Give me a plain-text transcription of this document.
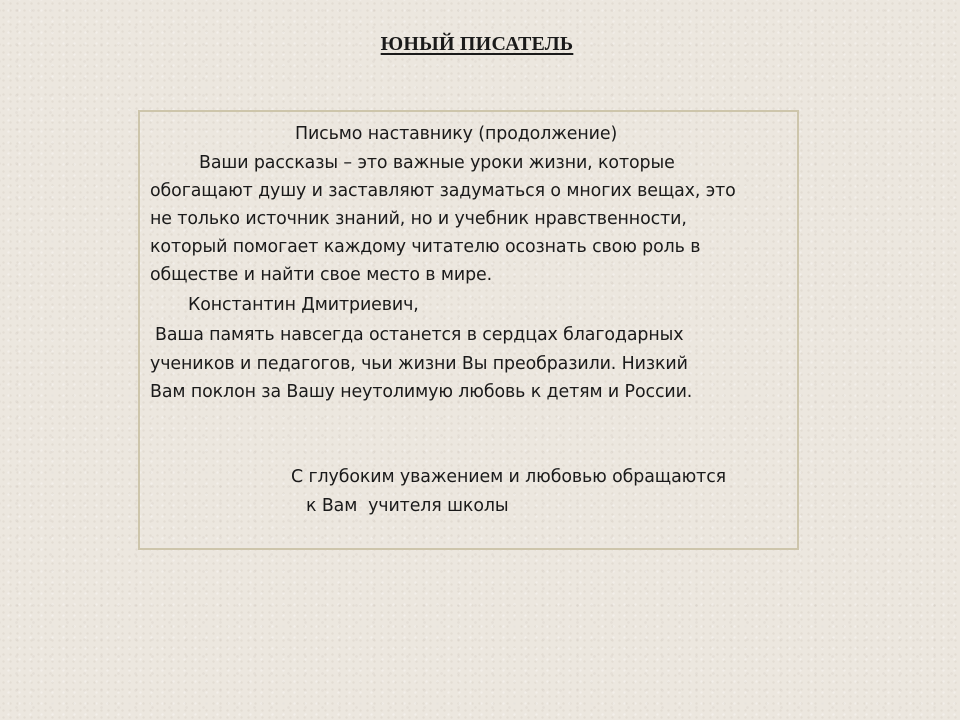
ЮНЫЙ ПИСАТЕЛЬ
Письмо наставнику (продолжение)
Ваши рассказы – это важные уроки жизни, которые
обогащают душу и заставляют задуматься о многих вещах, это
не только источник знаний, но и учебник нравственности,
который помогает каждому читателю осознать свою роль в
обществе и найти свое место в мире.
Константин Дмитриевич,
Ваша память навсегда останется в сердцах благодарных
учеников и педагогов, чьи жизни Вы преобразили. Низкий
Вам поклон за Вашу неутолимую любовь к детям и России.
С глубоким уважением и любовью обращаются
к Вам  учителя школы
